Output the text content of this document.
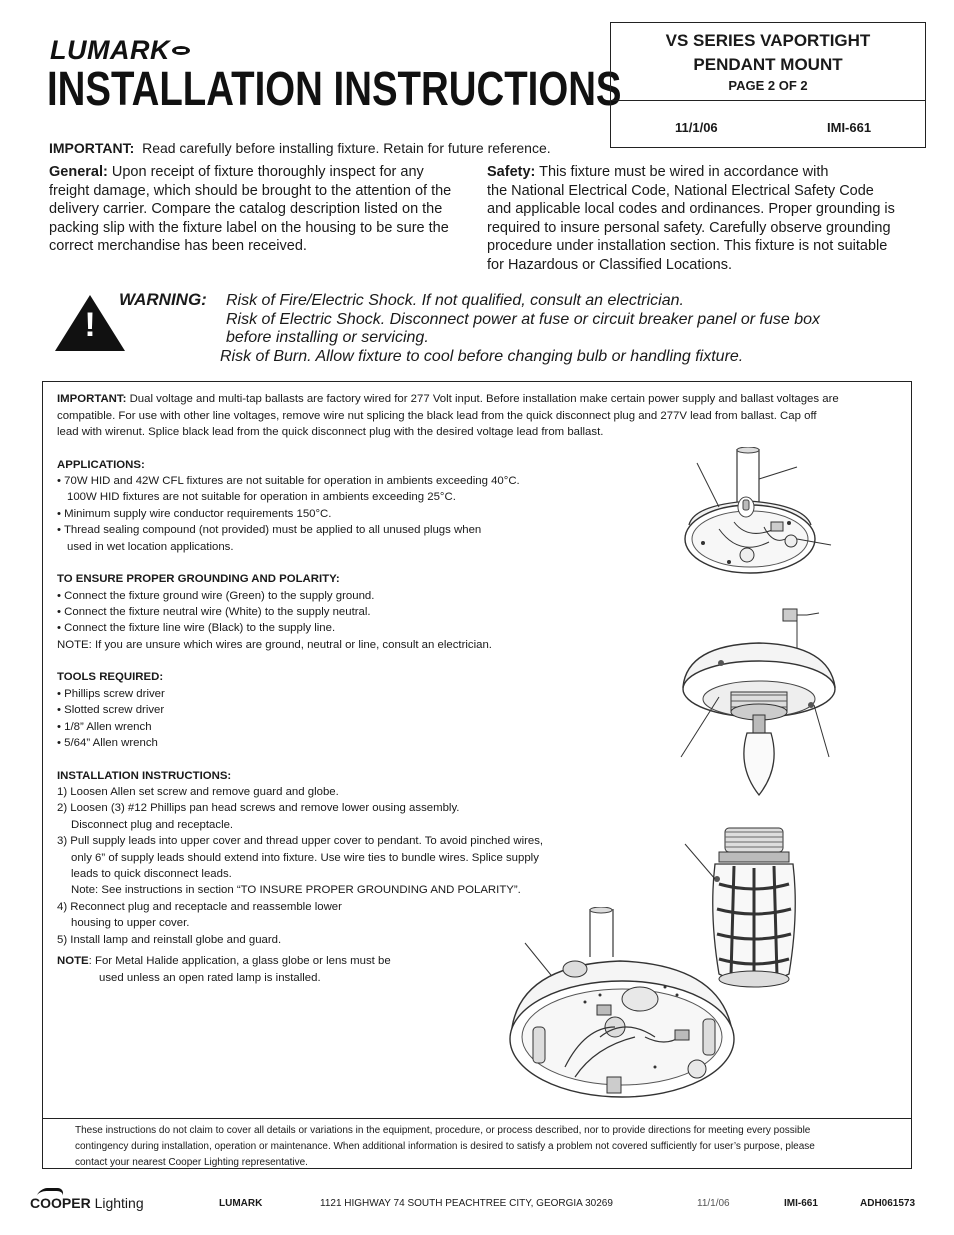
LUMARK
INSTALLATION INSTRUCTIONS
VS SERIES VAPORTIGHT
PENDANT MOUNT
PAGE 2 OF 2
11/1/06	IMI-661
IMPORTANT: Read carefully before installing fixture. Retain for future reference.
General: Upon receipt of fixture thoroughly inspect for any
freight damage, which should be brought to the attention of the
delivery carrier. Compare the catalog description listed on the
packing slip with the fixture label on the housing to be sure the
correct merchandise has been received.
Safety: This fixture must be wired in accordance with
the National Electrical Code, National Electrical Safety Code
and applicable local codes and ordinances. Proper grounding is
required to insure personal safety. Carefully observe grounding
procedure under installation section. This fixture is not suitable
for Hazardous or Classified Locations.
!
WARNING: Risk of Fire/Electric Shock. If not qualified, consult an electrician.
Risk of Electric Shock. Disconnect power at fuse or circuit breaker panel or fuse box
before installing or servicing.
Risk of Burn. Allow fixture to cool before changing bulb or handling fixture.
IMPORTANT: Dual voltage and multi-tap ballasts are factory wired for 277 Volt input. Before installation make certain power supply and ballast voltages are
compatible. For use with other line voltages, remove wire nut splicing the black lead from the quick disconnect plug and 277V lead from ballast. Cap off
lead with wirenut. Splice black lead from the quick disconnect plug with the desired voltage lead from ballast.
APPLICATIONS:
• 70W HID and 42W CFL fixtures are not suitable for operation in ambients exceeding 40°C.
100W HID fixtures are not suitable for operation in ambients exceeding 25°C.
• Minimum supply wire conductor requirements 150°C.
• Thread sealing compound (not provided) must be applied to all unused plugs when
used in wet location applications.
TO ENSURE PROPER GROUNDING AND POLARITY:
• Connect the fixture ground wire (Green) to the supply ground.
• Connect the fixture neutral wire (White) to the supply neutral.
• Connect the fixture line wire (Black) to the supply line.
NOTE: If you are unsure which wires are ground, neutral or line, consult an electrician.
TOOLS REQUIRED:
• Phillips screw driver
• Slotted screw driver
• 1/8” Allen wrench
• 5/64” Allen wrench
INSTALLATION INSTRUCTIONS:
1) Loosen Allen set screw and remove guard and globe.
2) Loosen (3) #12 Phillips pan head screws and remove lower ousing assembly.
Disconnect plug and receptacle.
3) Pull supply leads into upper cover and thread upper cover to pendant. To avoid pinched wires,
only 6” of supply leads should extend into fixture. Use wire ties to bundle wires. Splice supply
leads to quick disconnect leads.
Note: See instructions in section “TO INSURE PROPER GROUNDING AND POLARITY”.
4) Reconnect plug and receptacle and reassemble lower
housing to upper cover.
5) Install lamp and reinstall globe and guard.
NOTE: For Metal Halide application, a glass globe or lens must be
used unless an open rated lamp is installed.
These instructions do not claim to cover all details or variations in the equipment, procedure, or process described, nor to provide directions for meeting every possible
contingency during installation, operation or maintenance. When additional information is desired to satisfy a problem not covered sufficiently for user’s purpose, please
contact your nearest Cooper Lighting representative.
COOPER Lighting	LUMARK	1121 HIGHWAY 74 SOUTH PEACHTREE CITY, GEORGIA 30269	11/1/06	IMI-661	ADH061573
